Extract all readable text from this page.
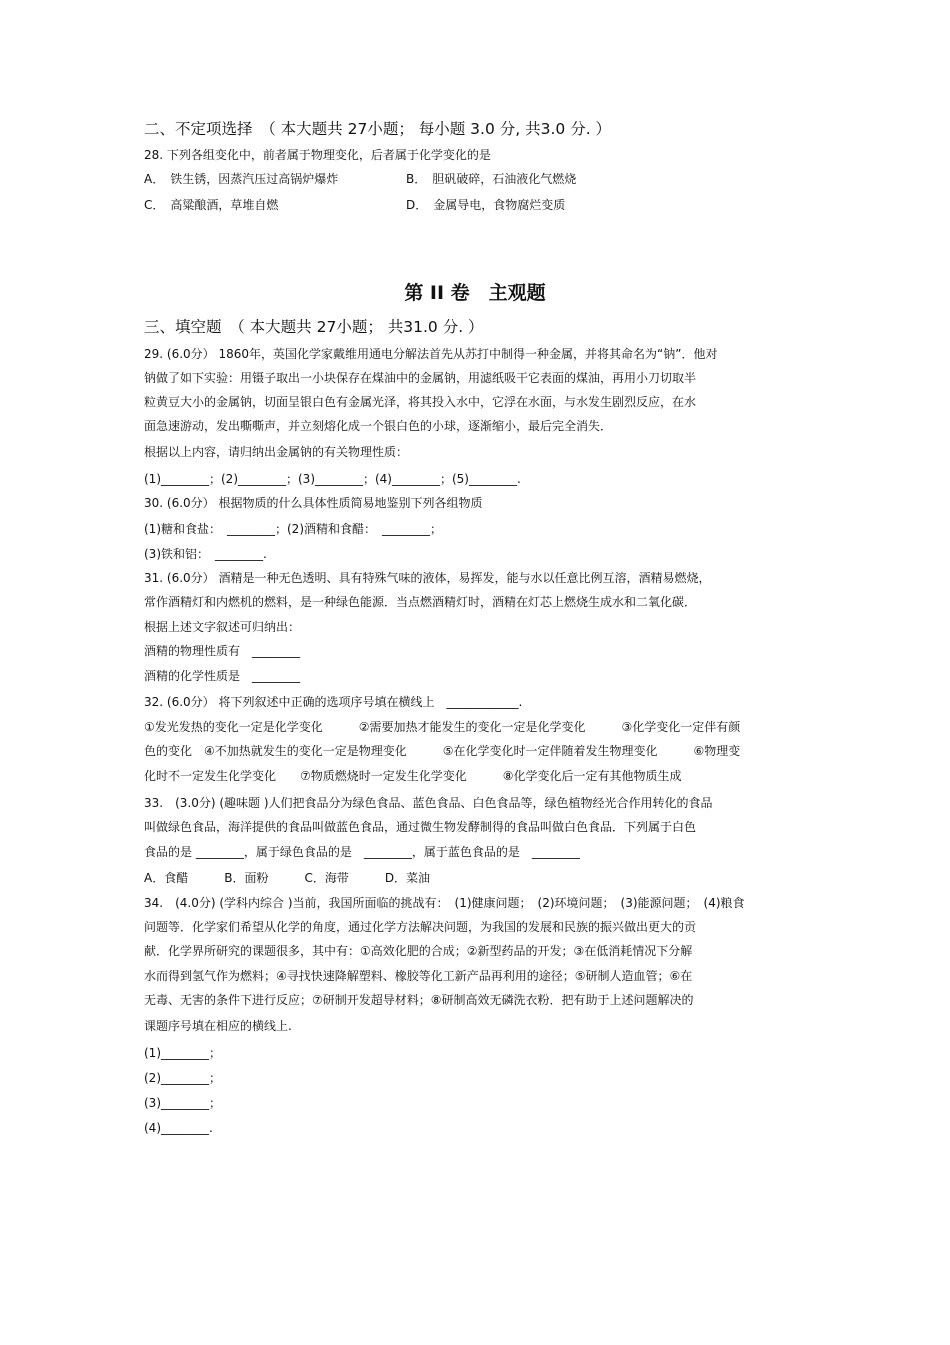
二、不定项选择　（ 本大题共 27小题； 每小题 3.0 分, 共3.0 分. ）
28. 下列各组变化中，前者属于物理变化，后者属于化学变化的是
A．　铁生锈，因蒸汽压过高锅炉爆炸	B．　胆矾破碎，石油液化气燃烧
C．　高粱酿酒，草堆自燃	D．　金属导电，食物腐烂变质
第 II 卷　主观题
三、填空题　（ 本大题共 27小题； 共31.0 分. ）
29. (6.0分） 1860年，英国化学家戴维用通电分解法首先从苏打中制得一种金属，并将其命名为“钠”．他对
钠做了如下实验：用镊子取出一小块保存在煤油中的金属钠，用滤纸吸干它表面的煤油，再用小刀切取半
粒黄豆大小的金属钠，切面呈银白色有金属光泽，将其投入水中，它浮在水面，与水发生剧烈反应，在水
面急速游动，发出嘶嘶声，并立刻熔化成一个银白色的小球，逐渐缩小，最后完全消失．
根据以上内容，请归纳出金属钠的有关物理性质：
(1)________；(2)________；(3)________；(4)________；(5)________.
30. (6.0分） 根据物质的什么具体性质简易地鉴别下列各组物质
(1)糖和食盐：　________；(2)酒精和食醋：　________；
(3)铁和铝：　________.
31. (6.0分） 酒精是一种无色透明、具有特殊气味的液体，易挥发，能与水以任意比例互溶，酒精易燃烧，
常作酒精灯和内燃机的燃料，是一种绿色能源．当点燃酒精灯时，酒精在灯芯上燃烧生成水和二氧化碳．
根据上述文字叙述可归纳出：
酒精的物理性质有　________
酒精的化学性质是　________
32. (6.0分） 将下列叙述中正确的选项序号填在横线上　____________.
①发光发热的变化一定是化学变化　　　②需要加热才能发生的变化一定是化学变化　　　③化学变化一定伴有颜
色的变化　④不加热就发生的变化一定是物理变化　　　⑤在化学变化时一定伴随着发生物理变化　　　⑥物理变
化时不一定发生化学变化　　⑦物质燃烧时一定发生化学变化　　　⑧化学变化后一定有其他物质生成
33.　(3.0分) (趣味题 )人们把食品分为绿色食品、蓝色食品、白色食品等，绿色植物经光合作用转化的食品
叫做绿色食品，海洋提供的食品叫做蓝色食品，通过微生物发酵制得的食品叫做白色食品．下列属于白色
食品的是 ________，属于绿色食品的是　________，属于蓝色食品的是　________
A．食醋　　　B．面粉　　　C．海带　　　D．菜油
34.　(4.0分) (学科内综合 )当前，我国所面临的挑战有：　(1)健康问题；　(2)环境问题；　(3)能源问题；　(4)粮食
问题等．化学家们希望从化学的角度，通过化学方法解决问题，为我国的发展和民族的振兴做出更大的贡
献．化学界所研究的课题很多，其中有：①高效化肥的合成；②新型药品的开发；③在低消耗情况下分解
水而得到氢气作为燃料；④寻找快速降解塑料、橡胶等化工新产品再利用的途径；⑤研制人造血管；⑥在
无毒、无害的条件下进行反应；⑦研制开发超导材料；⑧研制高效无磷洗衣粉．把有助于上述问题解决的
课题序号填在相应的横线上.
(1)________；
(2)________；
(3)________；
(4)________.
